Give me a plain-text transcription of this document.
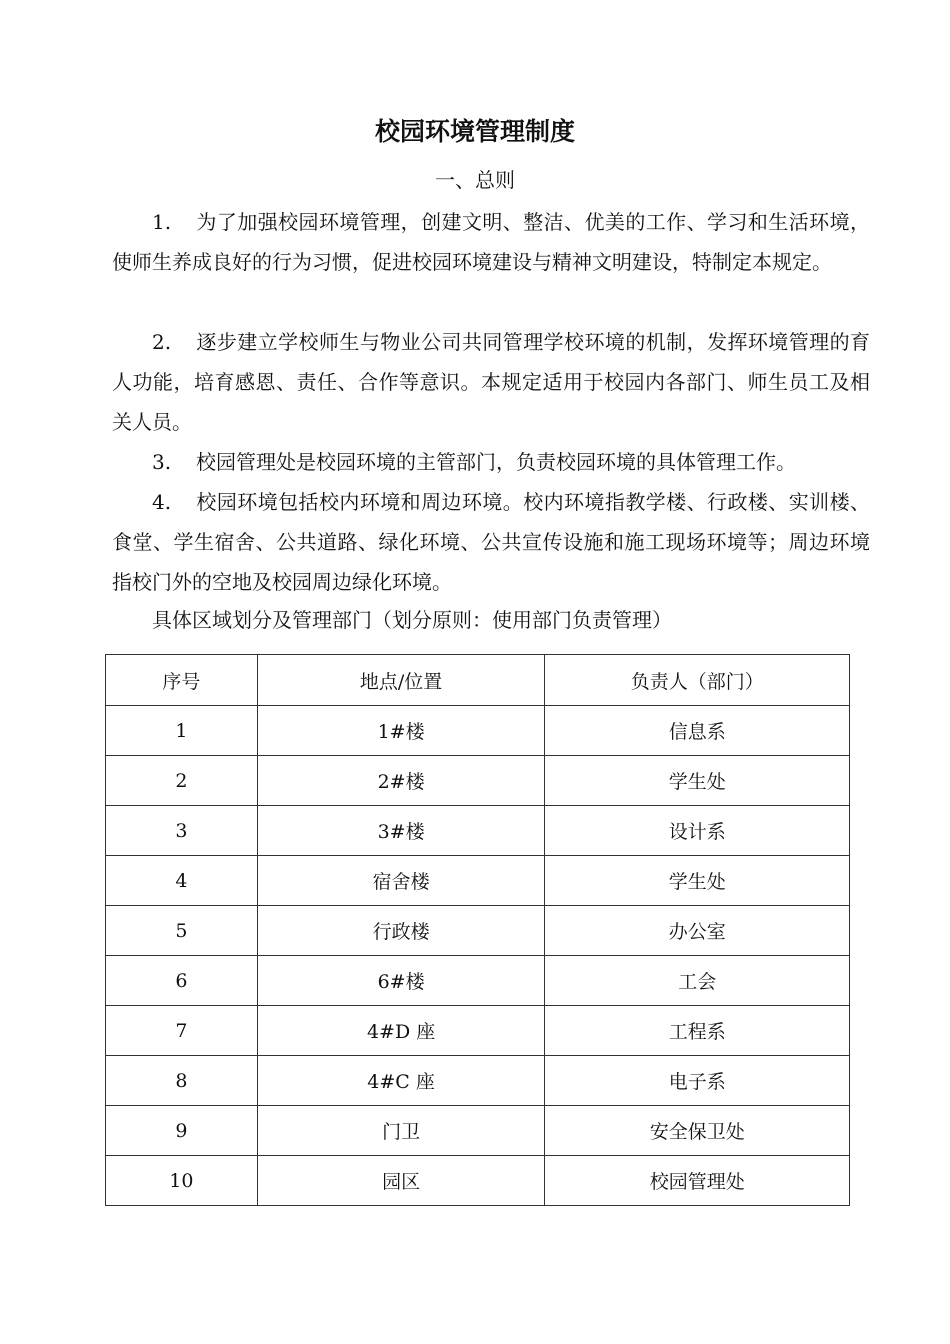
校园环境管理制度
一、总则

1. 为了加强校园环境管理，创建文明、整洁、优美的工作、学习和生活环境，使师生养成良好的行为习惯，促进校园环境建设与精神文明建设，特制定本规定。

2. 逐步建立学校师生与物业公司共同管理学校环境的机制，发挥环境管理的育人功能，培育感恩、责任、合作等意识。本规定适用于校园内各部门、师生员工及相关人员。

3. 校园管理处是校园环境的主管部门，负责校园环境的具体管理工作。

4. 校园环境包括校内环境和周边环境。校内环境指教学楼、行政楼、实训楼、食堂、学生宿舍、公共道路、绿化环境、公共宣传设施和施工现场环境等；周边环境指校门外的空地及校园周边绿化环境。

具体区域划分及管理部门（划分原则：使用部门负责管理）

序号	地点/位置	负责人（部门）
1	1#楼	信息系
2	2#楼	学生处
3	3#楼	设计系
4	宿舍楼	学生处
5	行政楼	办公室
6	6#楼	工会
7	4#D 座	工程系
8	4#C 座	电子系
9	门卫	安全保卫处
10	园区	校园管理处
